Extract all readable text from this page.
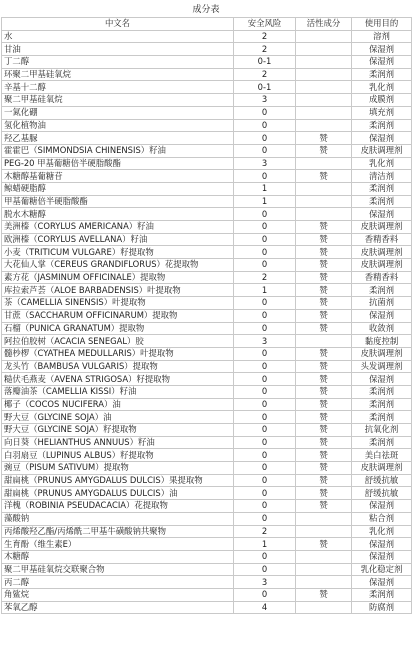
成分表
中文名	安全风险	活性成分	使用目的
水	2		溶剂
甘油	2		保湿剂
丁二醇	0-1		保湿剂
环聚二甲基硅氧烷	2		柔润剂
辛基十二醇	0-1		乳化剂
聚二甲基硅氧烷	3		成膜剂
一氮化硼	0		填充剂
氢化植物油	0		柔润剂
羟乙基脲	0	赞	保湿剂
霍霍巴（SIMMONDSIA CHINENSIS）籽油	0	赞	皮肤调理剂
PEG-20 甲基葡糖倍半硬脂酸酯	3		乳化剂
木糖醇基葡糖苷	0	赞	清洁剂
鲸蜡硬脂醇	1		柔润剂
甲基葡糖倍半硬脂酸酯	1		柔润剂
脱水木糖醇	0		保湿剂
美洲榛（CORYLUS AMERICANA）籽油	0	赞	皮肤调理剂
欧洲榛（CORYLUS AVELLANA）籽油	0	赞	香精香料
小麦（TRITICUM VULGARE）籽提取物	0	赞	皮肤调理剂
大花仙人掌（CEREUS GRANDIFLORUS）花提取物	0	赞	皮肤调理剂
素方花（JASMINUM OFFICINALE）提取物	2	赞	香精香料
库拉索芦荟（ALOE BARBADENSIS）叶提取物	1	赞	柔润剂
茶（CAMELLIA SINENSIS）叶提取物	0	赞	抗菌剂
甘蔗（SACCHARUM OFFICINARUM）提取物	0	赞	保湿剂
石榴（PUNICA GRANATUM）提取物	0	赞	收敛剂
阿拉伯胶树（ACACIA SENEGAL）胶	3		黏度控制
髓杪椤（CYATHEA MEDULLARIS）叶提取物	0	赞	皮肤调理剂
龙头竹（BAMBUSA VULGARIS）提取物	0	赞	头发调理剂
糙伏毛燕麦（AVENA STRIGOSA）籽提取物	0	赞	保湿剂
落瓣油茶（CAMELLIA KISSI）籽油	0	赞	柔润剂
椰子（COCOS NUCIFERA）油	0	赞	柔润剂
野大豆（GLYCINE SOJA）油	0	赞	柔润剂
野大豆（GLYCINE SOJA）籽提取物	0	赞	抗氧化剂
向日葵（HELIANTHUS ANNUUS）籽油	0	赞	柔润剂
白羽扇豆（LUPINUS ALBUS）籽提取物	0	赞	美白祛斑
豌豆（PISUM SATIVUM）提取物	0	赞	皮肤调理剂
甜扁桃（PRUNUS AMYGDALUS DULCIS）果提取物	0	赞	舒缓抗敏
甜扁桃（PRUNUS AMYGDALUS DULCIS）油	0	赞	舒缓抗敏
洋槐（ROBINIA PSEUDACACIA）花提取物	0	赞	保湿剂
藻酸钠	0		粘合剂
丙烯酸羟乙酯/丙烯酰二甲基牛磺酸钠共聚物	2		乳化剂
生育酚（维生素E）	1	赞	保湿剂
木糖醇	0		保湿剂
聚二甲基硅氧烷交联聚合物	0		乳化稳定剂
丙二醇	3		保湿剂
角鲨烷	0	赞	柔润剂
苯氧乙醇	4		防腐剂
